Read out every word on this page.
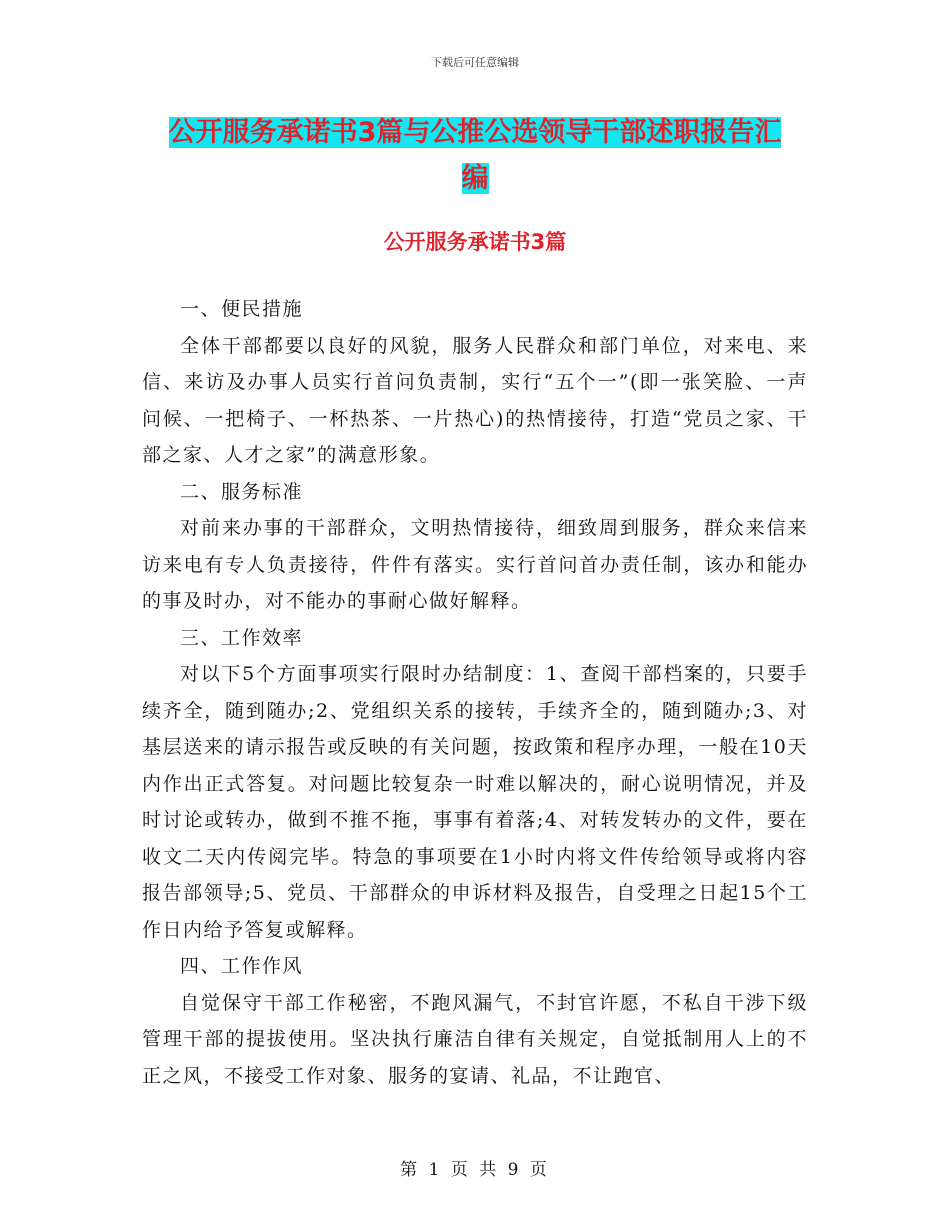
下载后可任意编辑
公开服务承诺书3篇与公推公选领导干部述职报告汇
编
公开服务承诺书3篇

一、便民措施

全体干部都要以良好的风貌，服务人民群众和部门单位，对来电、来信、来访及办事人员实行首问负责制，实行“五个一”(即一张笑脸、一声问候、一把椅子、一杯热茶、一片热心)的热情接待，打造“党员之家、干部之家、人才之家”的满意形象。

二、服务标准

对前来办事的干部群众，文明热情接待，细致周到服务，群众来信来访来电有专人负责接待，件件有落实。实行首问首办责任制，该办和能办的事及时办，对不能办的事耐心做好解释。

三、工作效率

对以下5个方面事项实行限时办结制度：1、查阅干部档案的，只要手续齐全，随到随办;2、党组织关系的接转，手续齐全的，随到随办;3、对基层送来的请示报告或反映的有关问题，按政策和程序办理，一般在10天内作出正式答复。对问题比较复杂一时难以解决的，耐心说明情况，并及时讨论或转办，做到不推不拖，事事有着落;4、对转发转办的文件，要在收文二天内传阅完毕。特急的事项要在1小时内将文件传给领导或将内容报告部领导;5、党员、干部群众的申诉材料及报告，自受理之日起15个工作日内给予答复或解释。

四、工作作风

自觉保守干部工作秘密，不跑风漏气，不封官许愿，不私自干涉下级管理干部的提拔使用。坚决执行廉洁自律有关规定，自觉抵制用人上的不正之风，不接受工作对象、服务的宴请、礼品，不让跑官、

第 1 页 共 9 页
